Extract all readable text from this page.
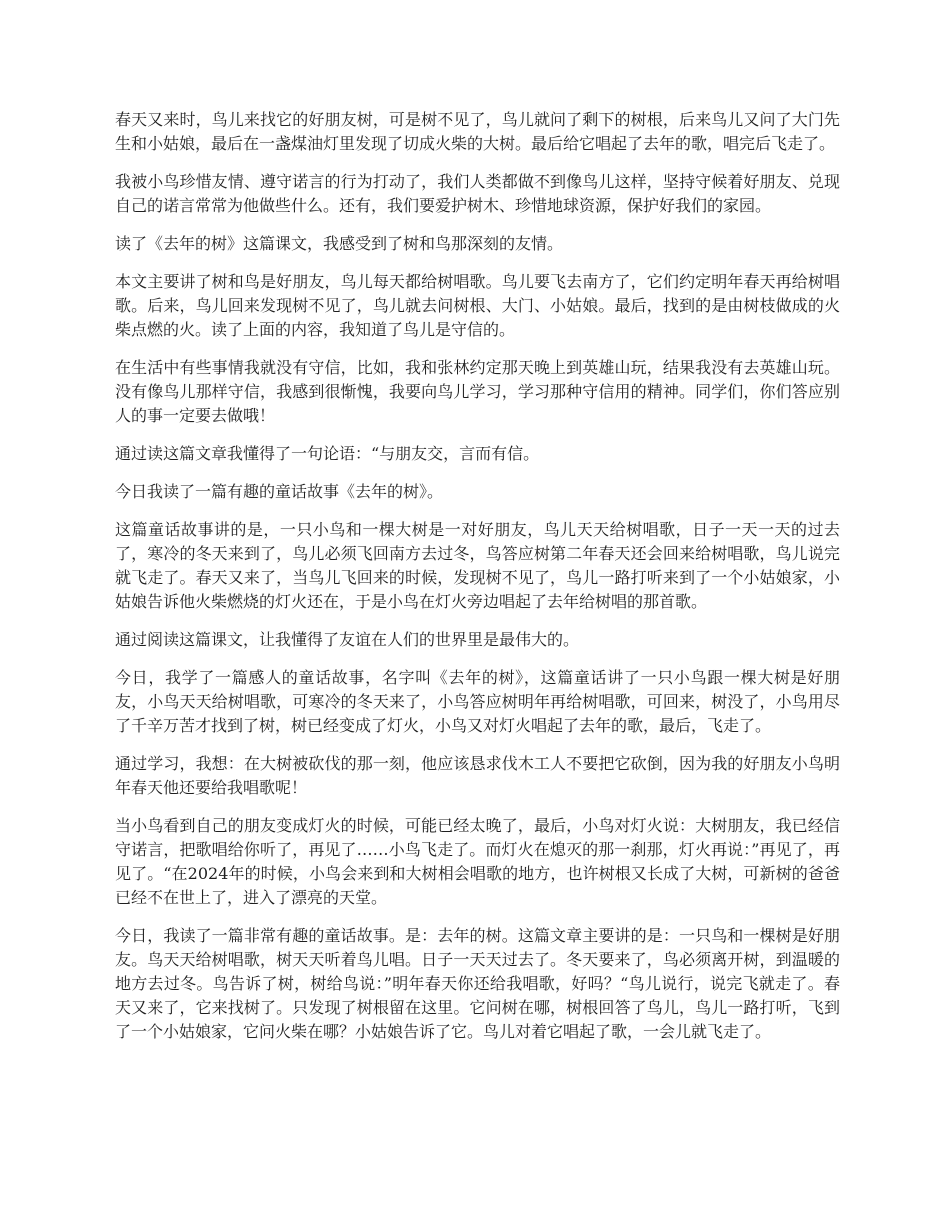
春天又来时，鸟儿来找它的好朋友树，可是树不见了，鸟儿就问了剩下的树根，后来鸟儿又问了大门先生和小姑娘，最后在一盏煤油灯里发现了切成火柴的大树。最后给它唱起了去年的歌，唱完后飞走了。

我被小鸟珍惜友情、遵守诺言的行为打动了，我们人类都做不到像鸟儿这样，坚持守候着好朋友、兑现自己的诺言常常为他做些什么。还有，我们要爱护树木、珍惜地球资源，保护好我们的家园。

读了《去年的树》这篇课文，我感受到了树和鸟那深刻的友情。

本文主要讲了树和鸟是好朋友，鸟儿每天都给树唱歌。鸟儿要飞去南方了，它们约定明年春天再给树唱歌。后来，鸟儿回来发现树不见了，鸟儿就去问树根、大门、小姑娘。最后，找到的是由树枝做成的火柴点燃的火。读了上面的内容，我知道了鸟儿是守信的。

在生活中有些事情我就没有守信，比如，我和张林约定那天晚上到英雄山玩，结果我没有去英雄山玩。没有像鸟儿那样守信，我感到很惭愧，我要向鸟儿学习，学习那种守信用的精神。同学们，你们答应别人的事一定要去做哦！

通过读这篇文章我懂得了一句论语：“与朋友交，言而有信。

今日我读了一篇有趣的童话故事《去年的树》。

这篇童话故事讲的是，一只小鸟和一棵大树是一对好朋友，鸟儿天天给树唱歌，日子一天一天的过去了，寒冷的冬天来到了，鸟儿必须飞回南方去过冬，鸟答应树第二年春天还会回来给树唱歌，鸟儿说完就飞走了。春天又来了，当鸟儿飞回来的时候，发现树不见了，鸟儿一路打听来到了一个小姑娘家，小姑娘告诉他火柴燃烧的灯火还在，于是小鸟在灯火旁边唱起了去年给树唱的那首歌。

通过阅读这篇课文，让我懂得了友谊在人们的世界里是最伟大的。

今日，我学了一篇感人的童话故事，名字叫《去年的树》，这篇童话讲了一只小鸟跟一棵大树是好朋友，小鸟天天给树唱歌，可寒冷的冬天来了，小鸟答应树明年再给树唱歌，可回来，树没了，小鸟用尽了千辛万苦才找到了树，树已经变成了灯火，小鸟又对灯火唱起了去年的歌，最后，飞走了。

通过学习，我想：在大树被砍伐的那一刻，他应该恳求伐木工人不要把它砍倒，因为我的好朋友小鸟明年春天他还要给我唱歌呢！

当小鸟看到自己的朋友变成灯火的时候，可能已经太晚了，最后，小鸟对灯火说：大树朋友，我已经信守诺言，把歌唱给你听了，再见了……小鸟飞走了。而灯火在熄灭的那一刹那，灯火再说：”再见了，再见了。“在2024年的时候，小鸟会来到和大树相会唱歌的地方，也许树根又长成了大树，可新树的爸爸已经不在世上了，进入了漂亮的天堂。

今日，我读了一篇非常有趣的童话故事。是：去年的树。这篇文章主要讲的是：一只鸟和一棵树是好朋友。鸟天天给树唱歌，树天天听着鸟儿唱。日子一天天过去了。冬天要来了，鸟必须离开树，到温暖的地方去过冬。鸟告诉了树，树给鸟说：”明年春天你还给我唱歌，好吗？“鸟儿说行，说完飞就走了。春天又来了，它来找树了。只发现了树根留在这里。它问树在哪，树根回答了鸟儿，鸟儿一路打听，飞到了一个小姑娘家，它问火柴在哪？小姑娘告诉了它。鸟儿对着它唱起了歌，一会儿就飞走了。
